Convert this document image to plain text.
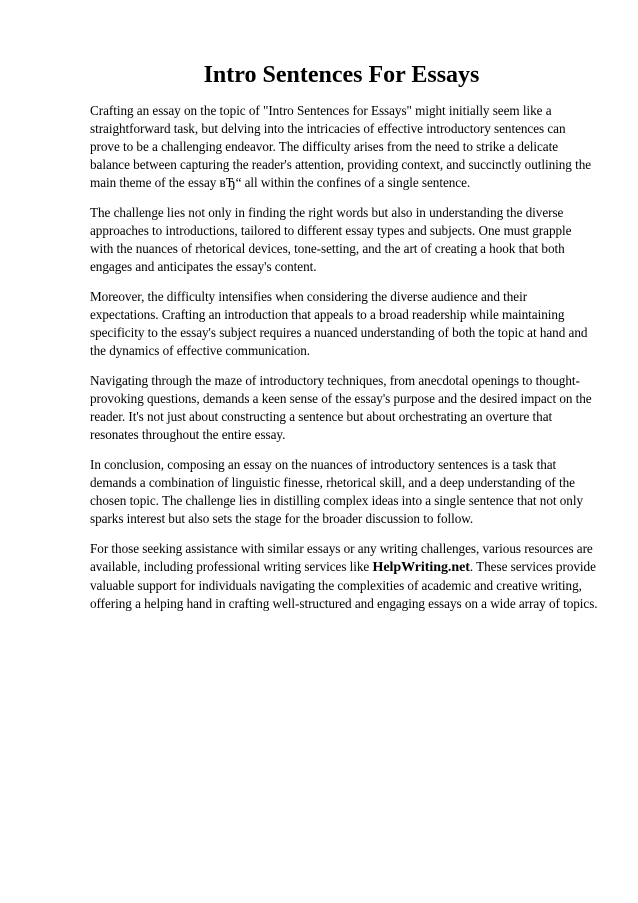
Intro Sentences For Essays

Crafting an essay on the topic of "Intro Sentences for Essays" might initially seem like a
straightforward task, but delving into the intricacies of effective introductory sentences can
prove to be a challenging endeavor. The difficulty arises from the need to strike a delicate
balance between capturing the reader's attention, providing context, and succinctly outlining the
main theme of the essay вЂ“ all within the confines of a single sentence.

The challenge lies not only in finding the right words but also in understanding the diverse
approaches to introductions, tailored to different essay types and subjects. One must grapple
with the nuances of rhetorical devices, tone-setting, and the art of creating a hook that both
engages and anticipates the essay's content.

Moreover, the difficulty intensifies when considering the diverse audience and their
expectations. Crafting an introduction that appeals to a broad readership while maintaining
specificity to the essay's subject requires a nuanced understanding of both the topic at hand and
the dynamics of effective communication.

Navigating through the maze of introductory techniques, from anecdotal openings to thought-
provoking questions, demands a keen sense of the essay's purpose and the desired impact on the
reader. It's not just about constructing a sentence but about orchestrating an overture that
resonates throughout the entire essay.

In conclusion, composing an essay on the nuances of introductory sentences is a task that
demands a combination of linguistic finesse, rhetorical skill, and a deep understanding of the
chosen topic. The challenge lies in distilling complex ideas into a single sentence that not only
sparks interest but also sets the stage for the broader discussion to follow.

For those seeking assistance with similar essays or any writing challenges, various resources are
available, including professional writing services like HelpWriting.net. These services provide
valuable support for individuals navigating the complexities of academic and creative writing,
offering a helping hand in crafting well-structured and engaging essays on a wide array of topics.
